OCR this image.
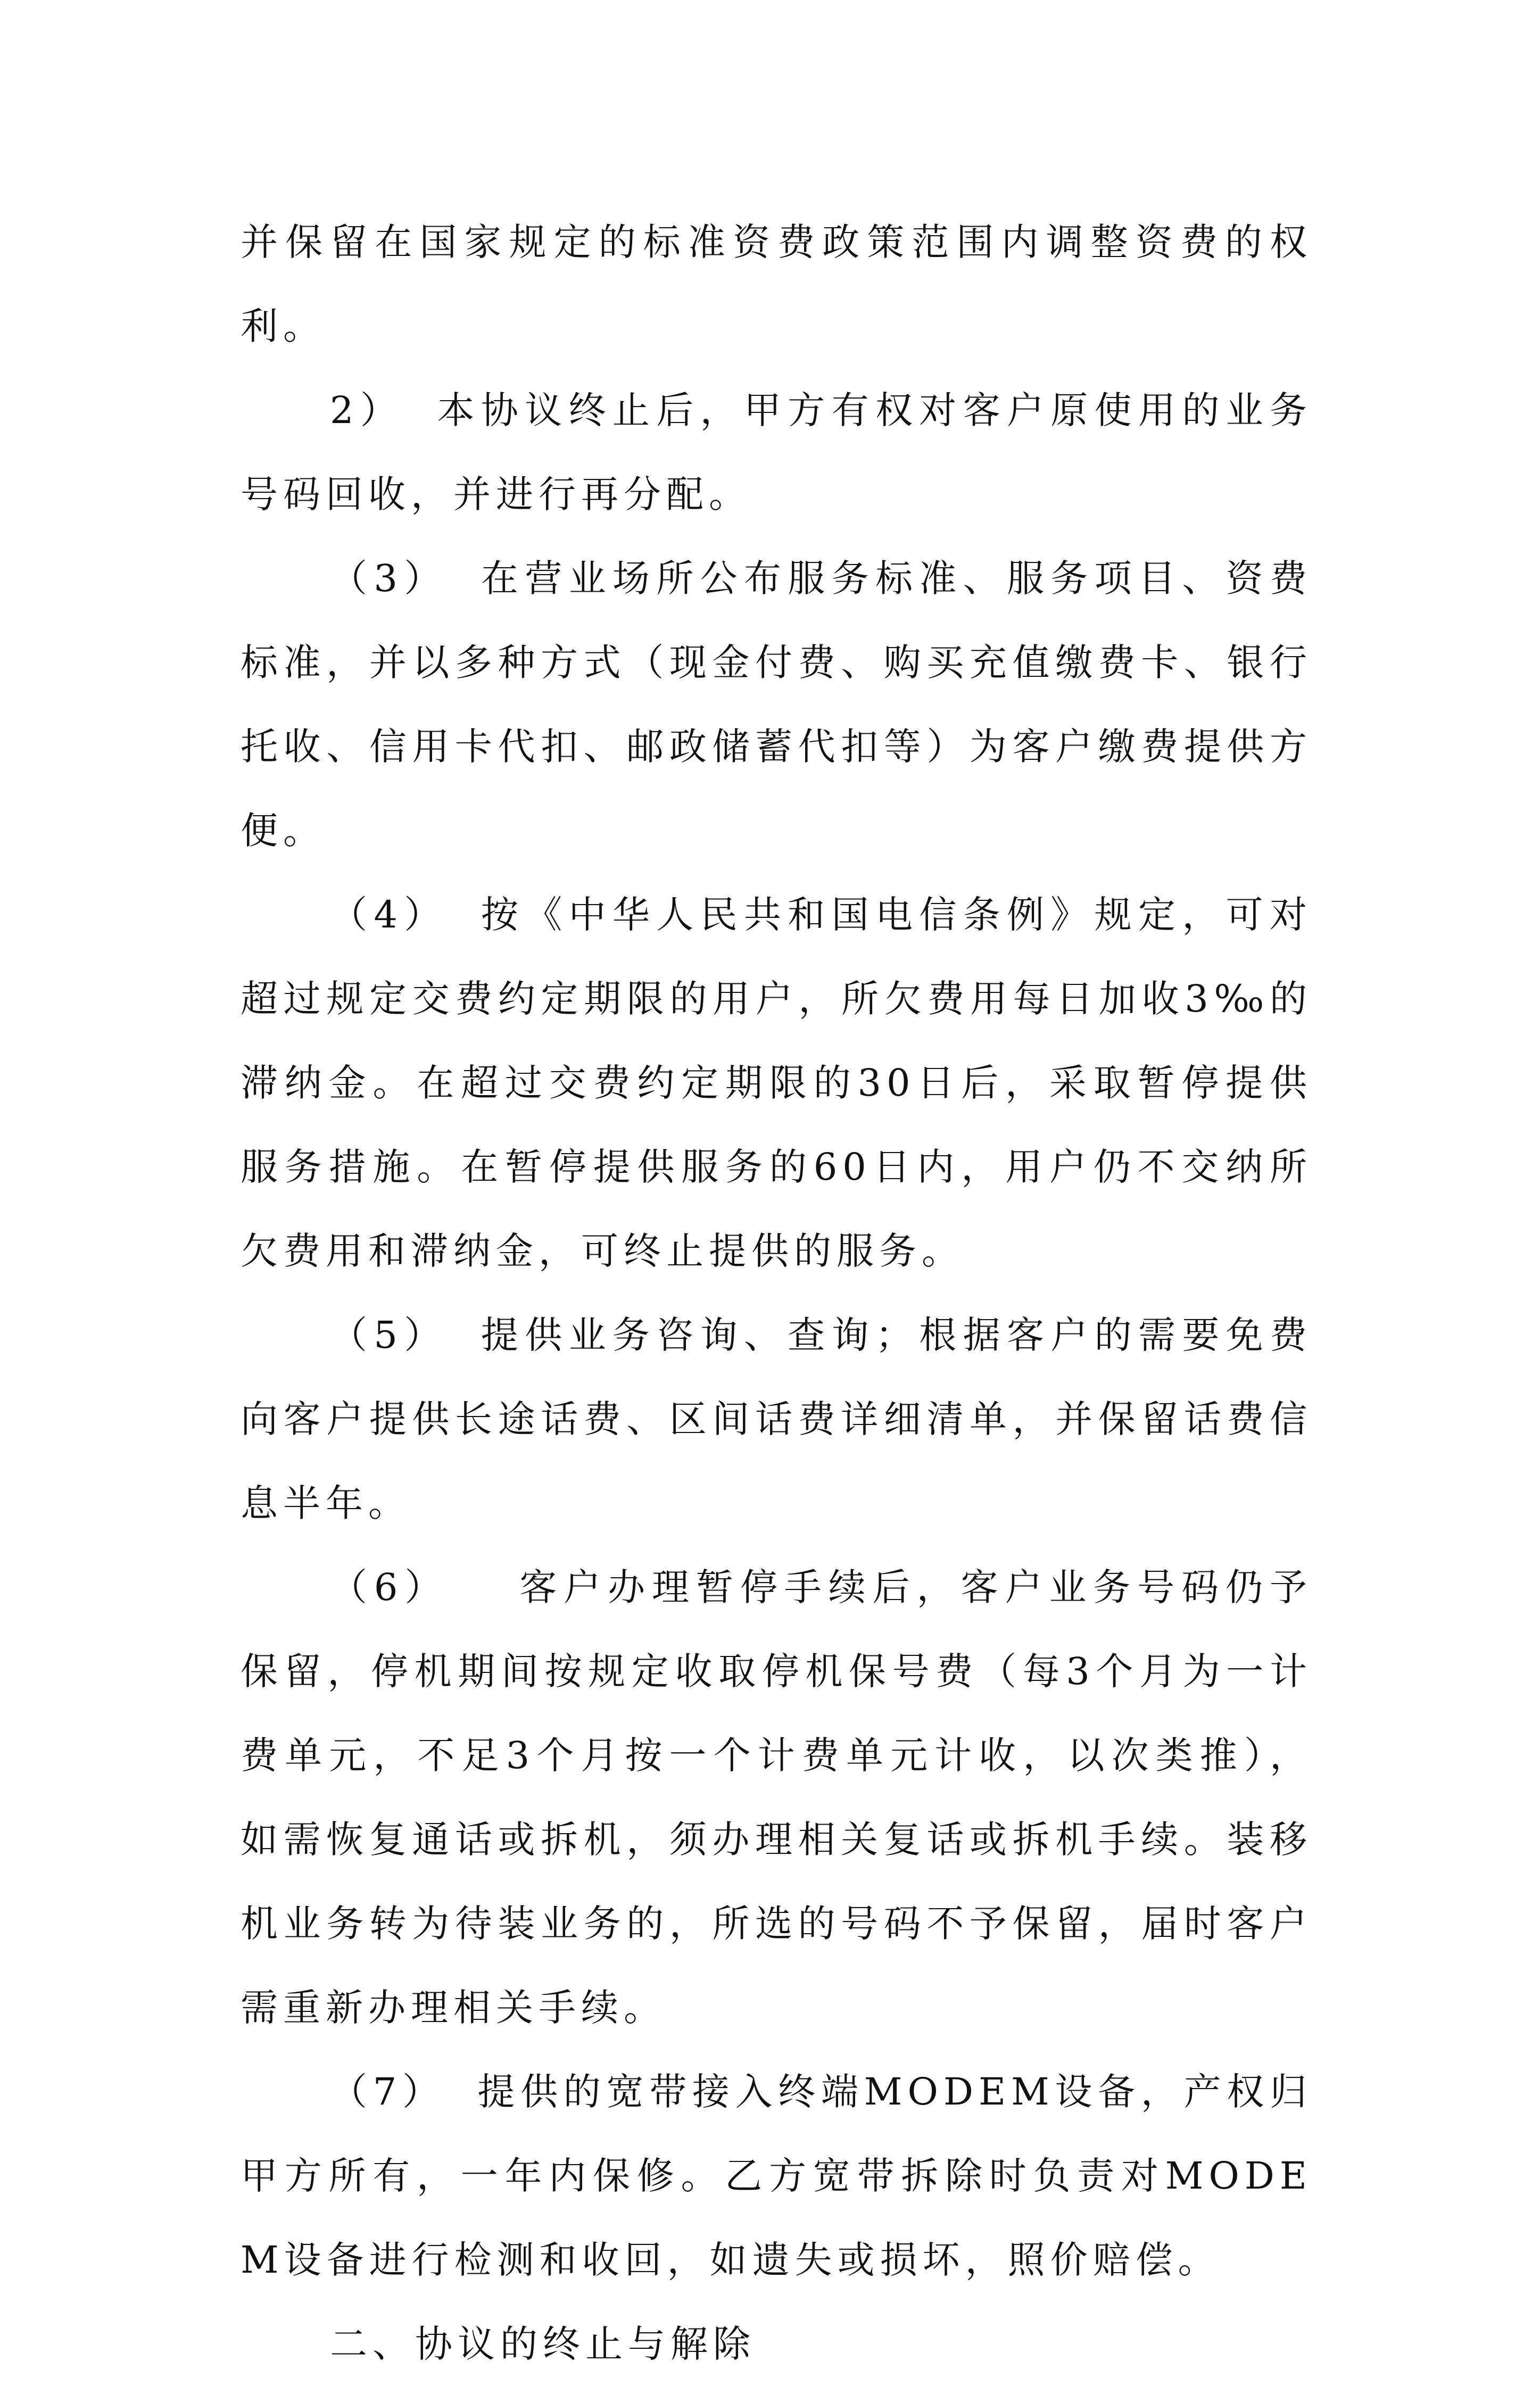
并保留在国家规定的标准资费政策范围内调整资费的权利。

2） 本协议终止后，甲方有权对客户原使用的业务号码回收，并进行再分配。

（3） 在营业场所公布服务标准、服务项目、资费标准，并以多种方式（现金付费、购买充值缴费卡、银行托收、信用卡代扣、邮政储蓄代扣等）为客户缴费提供方便。

（4） 按《中华人民共和国电信条例》规定，可对超过规定交费约定期限的用户，所欠费用每日加收3‰的滞纳金。在超过交费约定期限的30日后，采取暂停提供服务措施。在暂停提供服务的60日内，用户仍不交纳所欠费用和滞纳金，可终止提供的服务。

（5） 提供业务咨询、查询；根据客户的需要免费向客户提供长途话费、区间话费详细清单，并保留话费信息半年。

（6） 客户办理暂停手续后，客户业务号码仍予保留，停机期间按规定收取停机保号费（每3个月为一计费单元，不足3个月按一个计费单元计收，以次类推），如需恢复通话或拆机，须办理相关复话或拆机手续。装移机业务转为待装业务的，所选的号码不予保留，届时客户需重新办理相关手续。

（7） 提供的宽带接入终端MODEM设备，产权归甲方所有，一年内保修。乙方宽带拆除时负责对MODEM设备进行检测和收回，如遗失或损坏，照价赔偿。

二、协议的终止与解除
